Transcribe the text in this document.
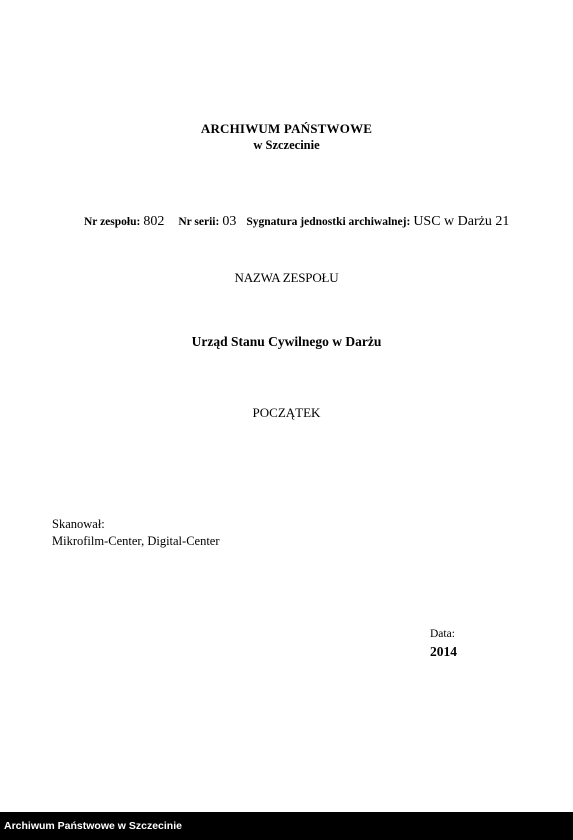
ARCHIWUM PAŃSTWOWE
w Szczecinie
Nr zespołu: 802 Nr serii: 03 Sygnatura jednostki archiwalnej: USC w Darżu 21
NAZWA ZESPOŁU
Urząd Stanu Cywilnego w Darżu
POCZĄTEK
Skanował:
Mikrofilm-Center, Digital-Center
Data:
2014
Archiwum Państwowe w Szczecinie
